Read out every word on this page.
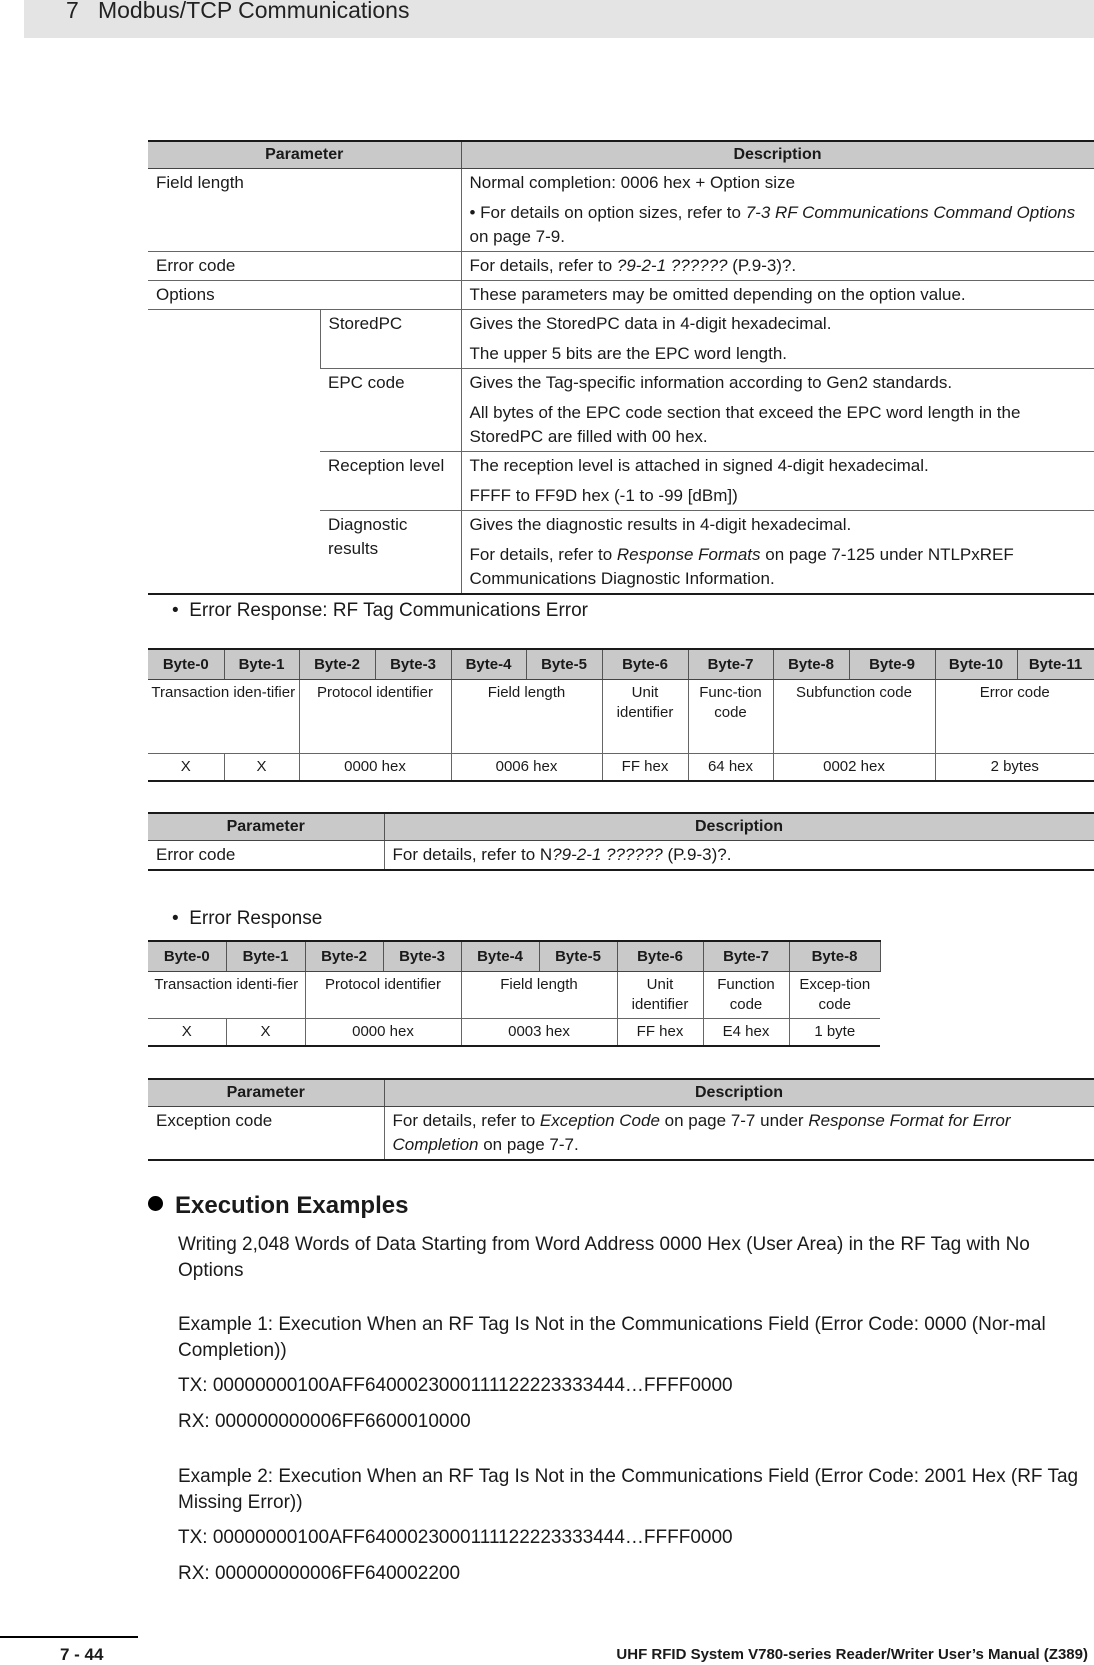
7   Modbus/TCP Communications
Parameter		Description
Field length		Normal completion: 0006 hex + Option size

• For details on option sizes, refer to 7-3 RF Communications Command Options on page 7-9.

Error code		For details, refer to ?9-2-1 ?????? (P.9-3)?.
Options		These parameters may be omitted depending on the option value.
	StoredPC	Gives the StoredPC data in 4-digit hexadecimal.

The upper 5 bits are the EPC word length.

	EPC code	Gives the Tag-specific information according to Gen2 standards.

All bytes of the EPC code section that exceed the EPC word length in the StoredPC are filled with 00 hex.

	Reception level	The reception level is attached in signed 4-digit hexadecimal.

FFFF to FF9D hex (-1 to -99 [dBm])

	Diagnostic results	Gives the diagnostic results in 4-digit hexadecimal.

For details, refer to Response Formats on page 7-125 under NTLPxREF Communications Diagnostic Information.

•  Error Response: RF Tag Communications Error
Byte-0	Byte-1	Byte-2	Byte-3	Byte-4	Byte-5	Byte-6	Byte-7	Byte-8	Byte-9	Byte-10	Byte-11
Transaction iden-tifier		Protocol identifier		Field length		Unit identifier	Func-tion code	Subfunction code		Error code	
X	X	0000 hex		0006 hex		FF hex	64 hex	0002 hex		2 bytes	
Parameter	Description
Error code	For details, refer to N?9-2-1 ?????? (P.9-3)?.
•  Error Response
Byte-0	Byte-1	Byte-2	Byte-3	Byte-4	Byte-5	Byte-6	Byte-7	Byte-8
Transaction identi-fier		Protocol identifier		Field length		Unit identifier	Function code	Excep-tion code
X	X	0000 hex		0003 hex		FF hex	E4 hex	1 byte
Parameter	Description
Exception code	For details, refer to Exception Code on page 7-7 under Response Format for Error Completion on page 7-7.
Execution Examples
Writing 2,048 Words of Data Starting from Word Address 0000 Hex (User Area) in the RF Tag with No Options
Example 1: Execution When an RF Tag Is Not in the Communications Field (Error Code: 0000 (Nor-mal Completion))
TX: 00000000100AFF6400023000111122223333444…FFFF0000
RX: 000000000006FF6600010000
Example 2: Execution When an RF Tag Is Not in the Communications Field (Error Code: 2001 Hex (RF Tag Missing Error))
TX: 00000000100AFF6400023000111122223333444…FFFF0000
RX: 000000000006FF640002200
7 - 44	UHF RFID System V780-series Reader/Writer User’s Manual (Z389)
